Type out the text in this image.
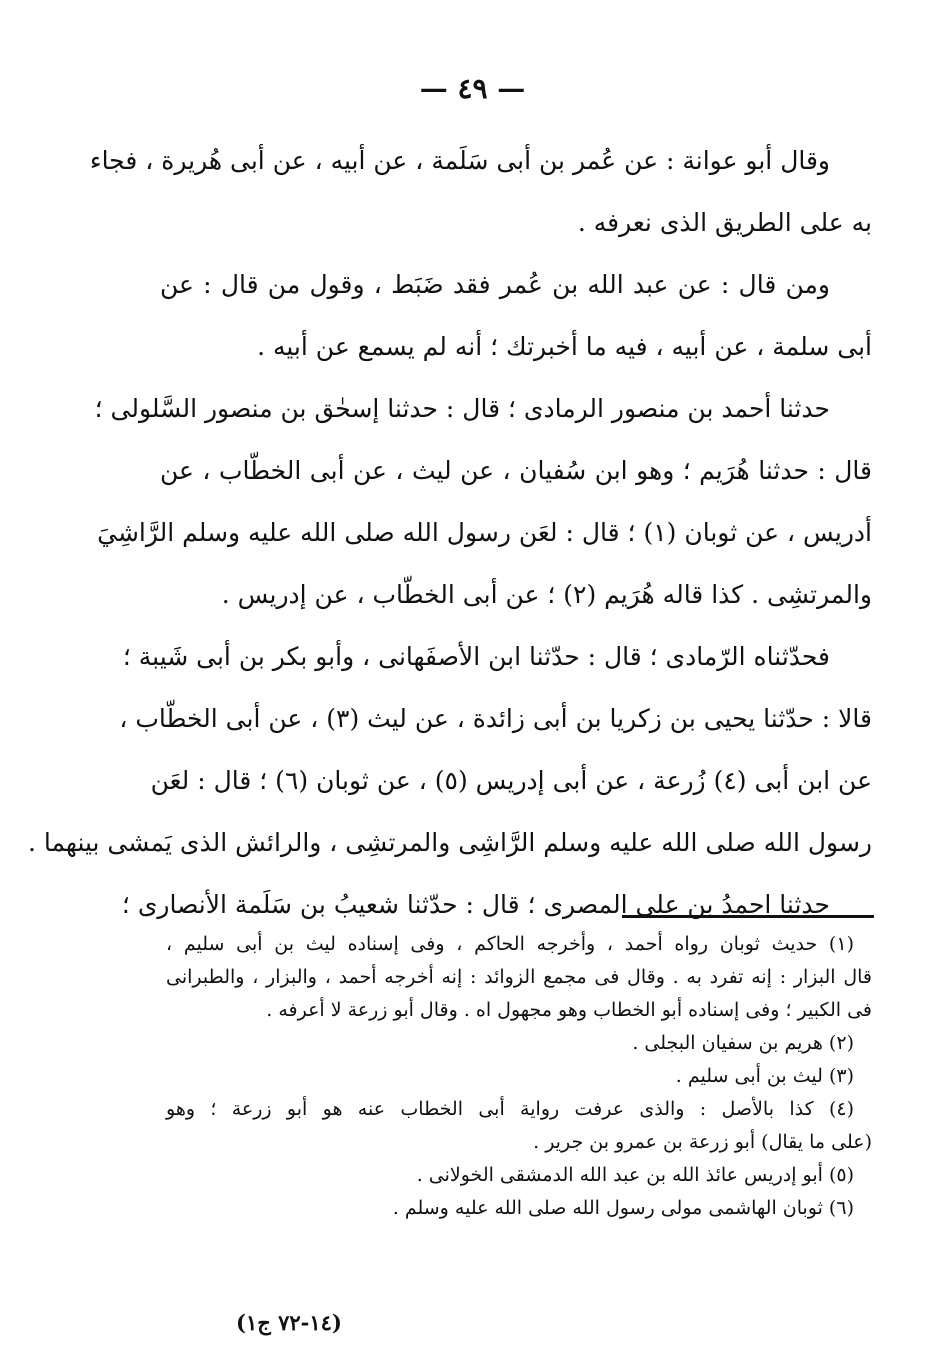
— ٤٩ —
وقال أبو عوانة : عن عُمر بن أبى سَلَمة ، عن أبيه ، عن أبى هُريرة ، فجاء
به على الطريق الذى نعرفه .
ومن قال : عن عبد الله بن عُمر فقد ضَبَط ، وقول من قال : عن
أبى سلمة ، عن أبيه ، فيه ما أخبرتك ؛ أنه لم يسمع عن أبيه .
حدثنا أحمد بن منصور الرمادى ؛ قال : حدثنا إسحٰق بن منصور السَّلولى ؛
قال : حدثنا هُرَيم ؛ وهو ابن سُفيان ، عن ليث ، عن أبى الخطّاب ، عن
أدريس ، عن ثوبان (١) ؛ قال : لعَن رسول الله صلى الله عليه وسلم الرَّاشِيَ
والمرتشِى . كذا قاله هُرَيم (٢) ؛ عن أبى الخطّاب ، عن إدريس .
فحدّثناه الرّمادى ؛ قال : حدّثنا ابن الأصفَهانى ، وأبو بكر بن أبى شَيبة ؛
قالا : حدّثنا يحيى بن زكريا بن أبى زائدة ، عن ليث (٣) ، عن أبى الخطّاب ،
عن ابن أبى (٤) زُرعة ، عن أبى إدريس (٥) ، عن ثوبان (٦) ؛ قال : لعَن
رسول الله صلى الله عليه وسلم الرَّاشِى والمرتشِى ، والرائش الذى يَمشى بينهما .
حدثنا احمدُ بن على المصرى ؛ قال : حدّثنا شعيبُ بن سَلَمة الأنصارى ؛
(١) حديث ثوبان رواه أحمد ، وأخرجه الحاكم ، وفى إسناده ليث بن أبى سليم ،
قال البزار : إنه تفرد به . وقال فى مجمع الزوائد : إنه أخرجه أحمد ، والبزار ، والطبرانى
فى الكبير ؛ وفى إسناده أبو الخطاب وهو مجهول اه . وقال أبو زرعة لا أعرفه .
(٢) هريم بن سفيان البجلى .
(٣) ليث بن أبى سليم .
(٤) كذا بالأصل : والذى عرفت رواية أبى الخطاب عنه هو أبو زرعة ؛ وهو
(على ما يقال) أبو زرعة بن عمرو بن جرير .
(٥) أبو إدريس عائذ الله بن عبد الله الدمشقى الخولانى .
(٦) ثوبان الهاشمى مولى رسول الله صلى الله عليه وسلم .
(١٤-٧٢ ج١)
